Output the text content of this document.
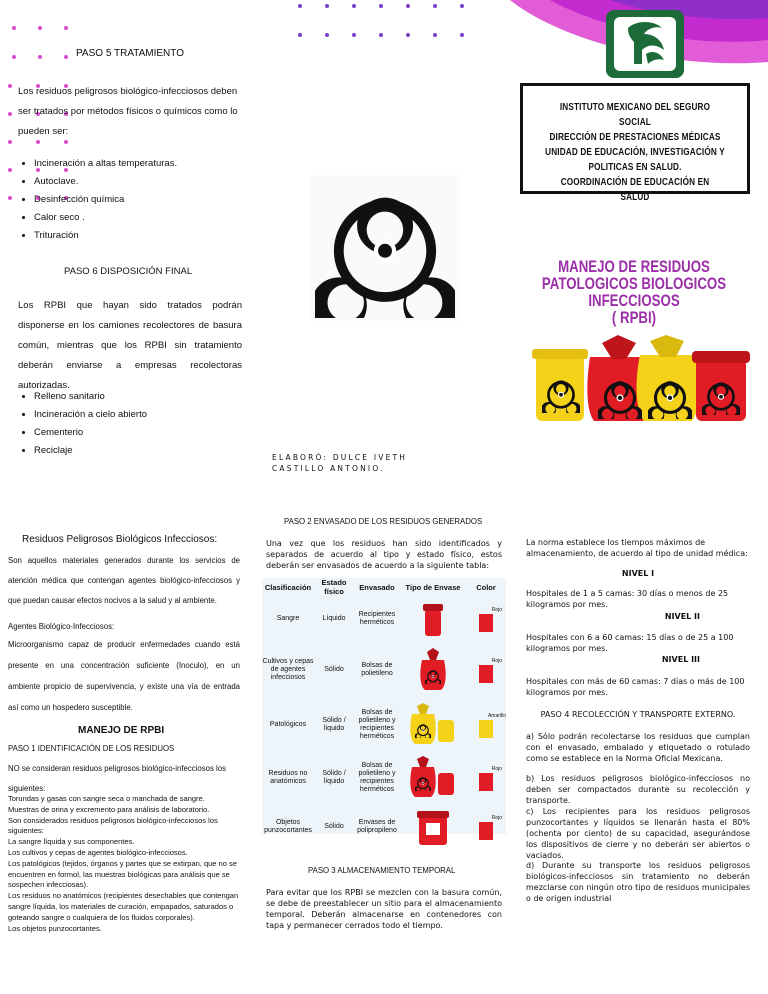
PASO 5 TRATAMIENTO

Los residuos peligrosos biológico-infecciosos deben ser tratados por métodos físicos o químicos como lo pueden ser:

• Incineración a altas temperaturas.
• Autoclave.
• Desinfección química
• Calor seco .
• Trituración
PASO 6 DISPOSICIÓN FINAL

Los RPBI que hayan sido tratados podrán disponerse en los camiones recolectores de basura común, mientras que los RPBI sin tratamiento deberán enviarse a empresas recolectoras autorizadas.

• Relleno sanitario
• Incineración a cielo abierto
• Cementerio
• Reciclaje
ELABORÓ: DULCE IVETH CASTILLO ANTONIO.
INSTITUTO MEXICANO DEL SEGURO SOCIAL
DIRECCIÓN DE PRESTACIONES MÉDICAS
UNIDAD DE EDUCACIÓN, INVESTIGACIÓN Y POLITICAS EN SALUD.
COORDINACIÓN DE EDUCACIÓN EN SALUD
MANEJO DE RESIDUOS
PATOLOGICOS BIOLOGICOS INFECCIOSOS
( RPBI)
Residuos Peligrosos Biológicos Infecciosos:

Son aquellos materiales generados durante los servicios de atención médica que contengan agentes biológico-infecciosos y que puedan causar efectos nocivos a la salud y al ambiente.

Agentes Biológico-Infecciosos:

Microorganismo capaz de producir enfermedades cuando está presente en una concentración suficiente (Inoculo), en un ambiente propicio de supervivencia, y existe una vía de entrada así como un hospedero susceptible.

MANEJO DE RPBI
PASO 1 IDENTIFICACIÓN DE LOS RESIDUOS

NO se consideran residuos peligrosos biológico-infecciosos los siguientes:

Torundas y gasas con sangre seca o manchada de sangre.
Muestras de orina y excremento para análisis de laboratorio.
Son considerados residuos peligrosos biológico-infecciosos los siguientes:
La sangre líquida y sus componentes.
Los cultivos y cepas de agentes biológico-infecciosos.
Los patológicos (tejidos, órganos y partes que se extirpan, que no se encuentren en formol, las muestras biológicas para análisis que se sospechen infecciosas).
Los residuos no anatómicos (recipientes desechables que contengan sangre líquida, los materiales de curación, empapados, saturados o goteando sangre o cualquiera de los fluidos corporales).
Los objetos punzocortantes.
PASO 2 ENVASADO DE LOS RESIDUOS GENERADOS

Una vez que los residuos han sido identificados y separados de acuerdo al tipo y estado físico, estos deberán ser envasados de acuerdo a la siguiente tabla:

Clasificación	Estado físico	Envasado	Tipo de Envase	Color
Sangre	Líquido	Recipientes herméticos		Rojo

Cultivos y cepas de agentes infecciosos	Sólido	Bolsas de polietileno		Rojo

Patológicos	Sólido / líquido	Bolsas de polietileno y recipientes herméticos		Amarillo

Residuos no anatómicos	Sólido / líquido	Bolsas de polietileno y recipientes herméticos		Rojo

Objetos punzocortantes	Sólido	Envases de polipropileno		Rojo
PASO 3 ALMACENAMIENTO TEMPORAL

Para evitar que los RPBI se mezclen con la basura común, se debe de preestablecer un sitio para el almacenamiento temporal. Deberán almacenarse en contenedores con tapa y permanecer cerrados todo el tiempo.

La norma establece los tiempos máximos de almacenamiento, de acuerdo al tipo de unidad médica:

NIVEL I

Hospitales de 1 a 5 camas: 30 días o menos de 25 kilogramos por mes.

NIVEL II

Hospitales con 6 a 60 camas: 15 días o de 25 a 100 kilogramos por mes.

NIVEL III

Hospitales con más de 60 camas: 7 días o más de 100 kilogramos por mes.

PASO 4 RECOLECCIÓN Y TRANSPORTE EXTERNO.

a) Sólo podrán recolectarse los residuos que cumplan con el envasado, embalado y etiquetado o rotulado como se establece en la Norma Oficial Mexicana.

b) Los residuos peligrosos biológico-infecciosos no deben ser compactados durante su recolección y transporte.

c) Los recipientes para los residuos peligrosos punzocortantes y líquidos se llenarán hasta el 80% (ochenta por ciento) de su capacidad, asegurándose los dispositivos de cierre y no deberán ser abiertos o vaciados.

d) Durante su transporte los residuos peligrosos biológicos-infecciosos sin tratamiento no deberán mezclarse con ningún otro tipo de residuos municipales o de origen industrial
